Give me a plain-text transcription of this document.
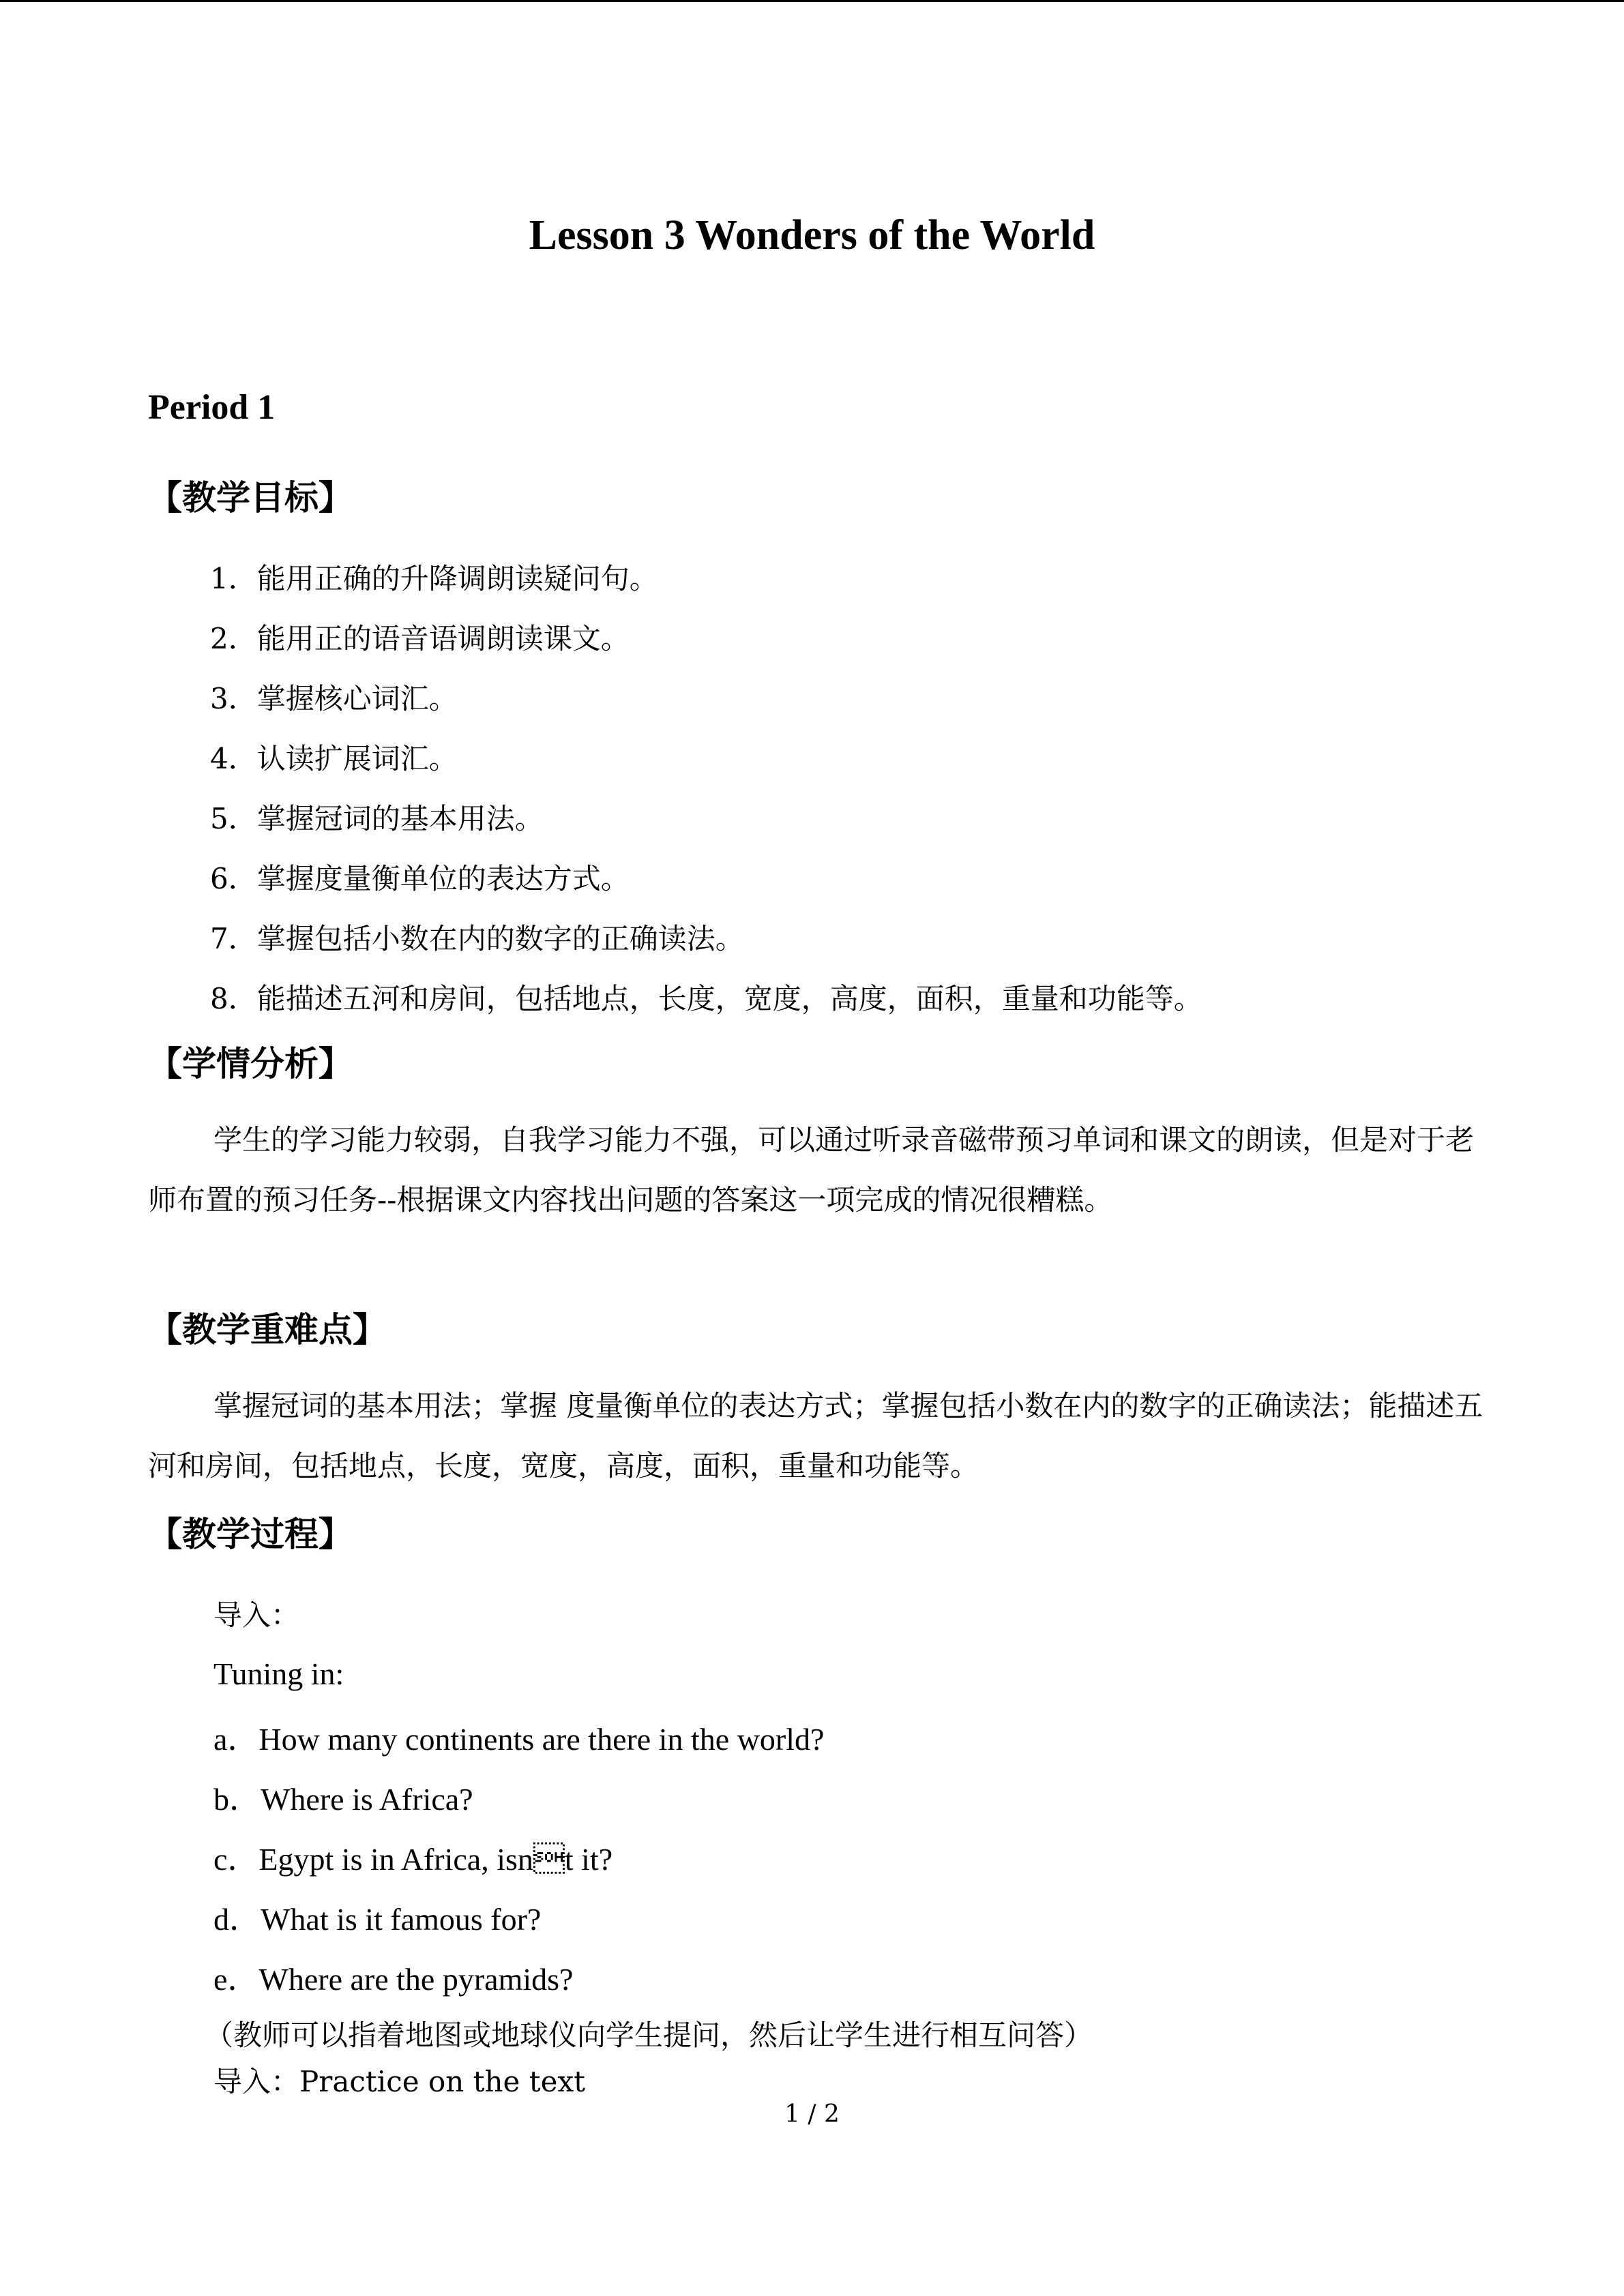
Lesson 3 Wonders of the World
Period 1
【教学目标】
1．能用正确的升降调朗读疑问句。
2．能用正的语音语调朗读课文。
3．掌握核心词汇。
4．认读扩展词汇。
5．掌握冠词的基本用法。
6．掌握度量衡单位的表达方式。
7．掌握包括小数在内的数字的正确读法。
8．能描述五河和房间，包括地点，长度，宽度，高度，面积，重量和功能等。
【学情分析】
学生的学习能力较弱，自我学习能力不强，可以通过听录音磁带预习单词和课文的朗读，但是对于老师布置的预习任务--根据课文内容找出问题的答案这一项完成的情况很糟糕。
【教学重难点】
掌握冠词的基本用法；掌握 度量衡单位的表达方式；掌握包括小数在内的数字的正确读法；能描述五河和房间，包括地点，长度，宽度，高度，面积，重量和功能等。
【教学过程】
导入：
Tuning in:
a．How many continents are there in the world?
b．Where is Africa?
c．Egypt is in Africa, isnt it?
d．What is it famous for?
e．Where are the pyramids?
（教师可以指着地图或地球仪向学生提问，然后让学生进行相互问答）
导入：Practice on the text
1 / 2
